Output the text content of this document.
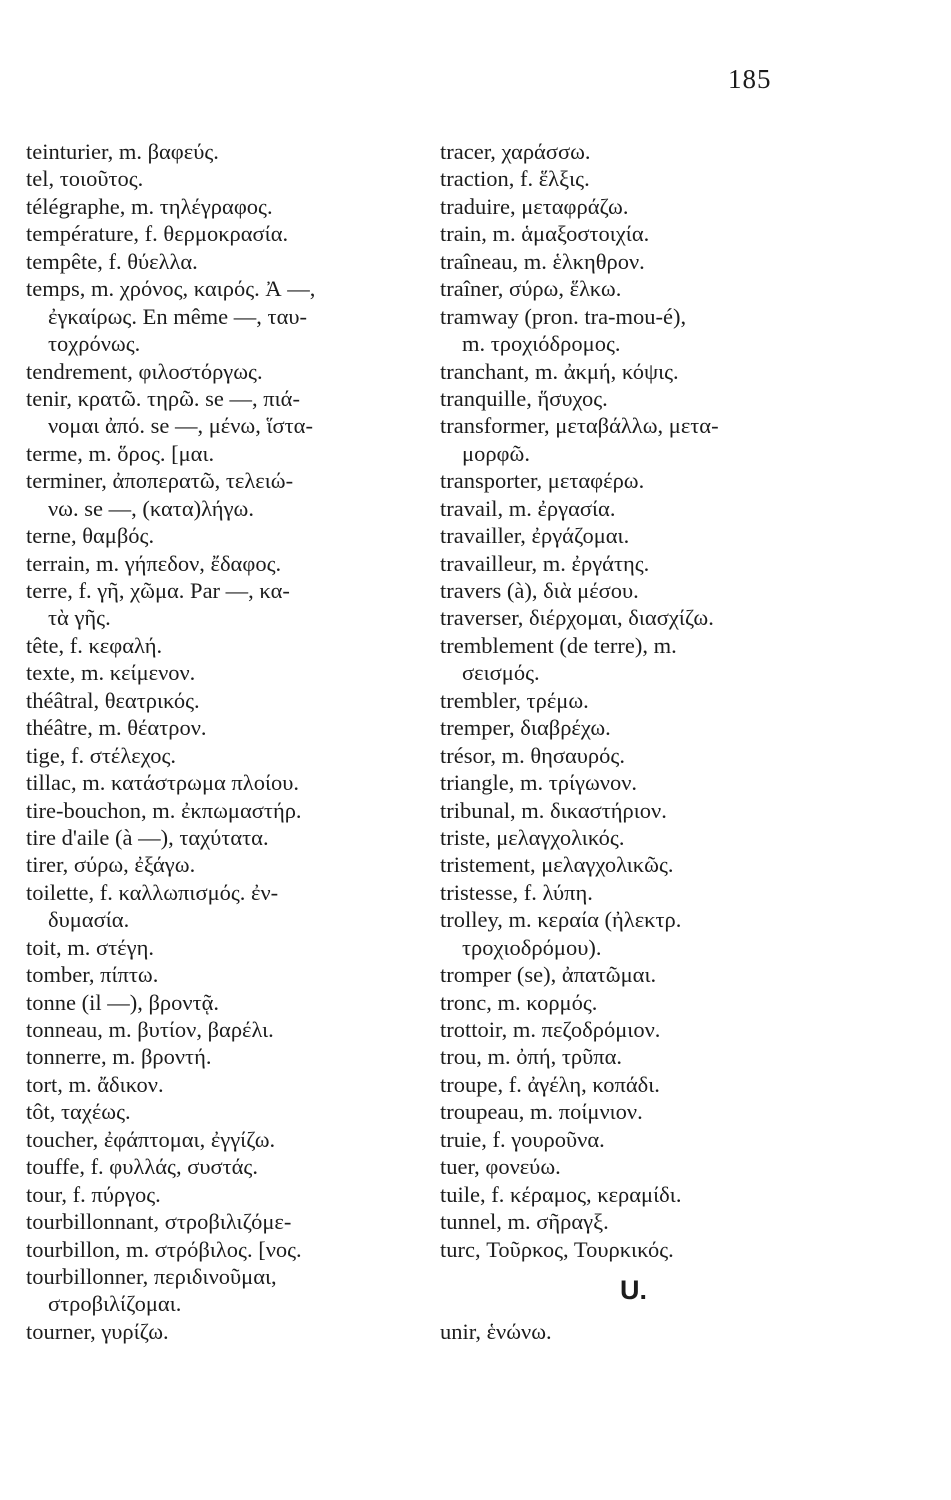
185
teinturier, m. βαφεύς.
tel, τοιοῦτος.
télégraphe, m. τηλέγραφος.
température, f. θερμοκρασία.
tempête, f. θύελλα.
temps, m. χρόνος, καιρός. Ἀ —,
ἐγκαίρως. En même —, ταυ-
τοχρόνως.
tendrement, φιλοστόργως.
tenir, κρατῶ. τηρῶ. se —, πιά-
νομαι ἀπό. se —, μένω, ἵστα-
terme, m. ὅρος. [μαι.
terminer, ἀποπερατῶ, τελειώ-
νω. se —, (κατα)λήγω.
terne, θαμβός.
terrain, m. γήπεδον, ἔδαφος.
terre, f. γῆ, χῶμα. Par —, κα-
τὰ γῆς.
tête, f. κεφαλή.
texte, m. κείμενον.
théâtral, θεατρικός.
théâtre, m. θέατρον.
tige, f. στέλεχος.
tillac, m. κατάστρωμα πλοίου.
tire-bouchon, m. ἐκπωμαστήρ.
tire d'aile (à —), ταχύτατα.
tirer, σύρω, ἐξάγω.
toilette, f. καλλωπισμός. ἐν-
δυμασία.
toit, m. στέγη.
tomber, πίπτω.
tonne (il —), βροντᾷ.
tonneau, m. βυτίον, βαρέλι.
tonnerre, m. βροντή.
tort, m. ἄδικον.
tôt, ταχέως.
toucher, ἐφάπτομαι, ἐγγίζω.
touffe, f. φυλλάς, συστάς.
tour, f. πύργος.
tourbillonnant, στροβιλιζόμε-
tourbillon, m. στρόβιλος. [νος.
tourbillonner, περιδινοῦμαι,
στροβιλίζομαι.
tourner, γυρίζω.
tracer, χαράσσω.
traction, f. ἕλξις.
traduire, μεταφράζω.
train, m. ἁμαξοστοιχία.
traîneau, m. ἑλκηθρον.
traîner, σύρω, ἕλκω.
tramway (pron. tra-mou-é),
m. τροχιόδρομος.
tranchant, m. ἀκμή, κόψις.
tranquille, ἥσυχος.
transformer, μεταβάλλω, μετα-
μορφῶ.
transporter, μεταφέρω.
travail, m. ἐργασία.
travailler, ἐργάζομαι.
travailleur, m. ἐργάτης.
travers (à), διὰ μέσου.
traverser, διέρχομαι, διασχίζω.
tremblement (de terre), m.
σεισμός.
trembler, τρέμω.
tremper, διαβρέχω.
trésor, m. θησαυρός.
triangle, m. τρίγωνον.
tribunal, m. δικαστήριον.
triste, μελαγχολικός.
tristement, μελαγχολικῶς.
tristesse, f. λύπη.
trolley, m. κεραία (ἠλεκτρ.
τροχιοδρόμου).
tromper (se), ἀπατῶμαι.
tronc, m. κορμός.
trottoir, m. πεζοδρόμιον.
trou, m. ὀπή, τρῦπα.
troupe, f. ἀγέλη, κοπάδι.
troupeau, m. ποίμνιον.
truie, f. γουροῦνα.
tuer, φονεύω.
tuile, f. κέραμος, κεραμίδι.
tunnel, m. σῆραγξ.
turc, Τοῦρκος, Τουρκικός.
U.
unir, ἑνώνω.
